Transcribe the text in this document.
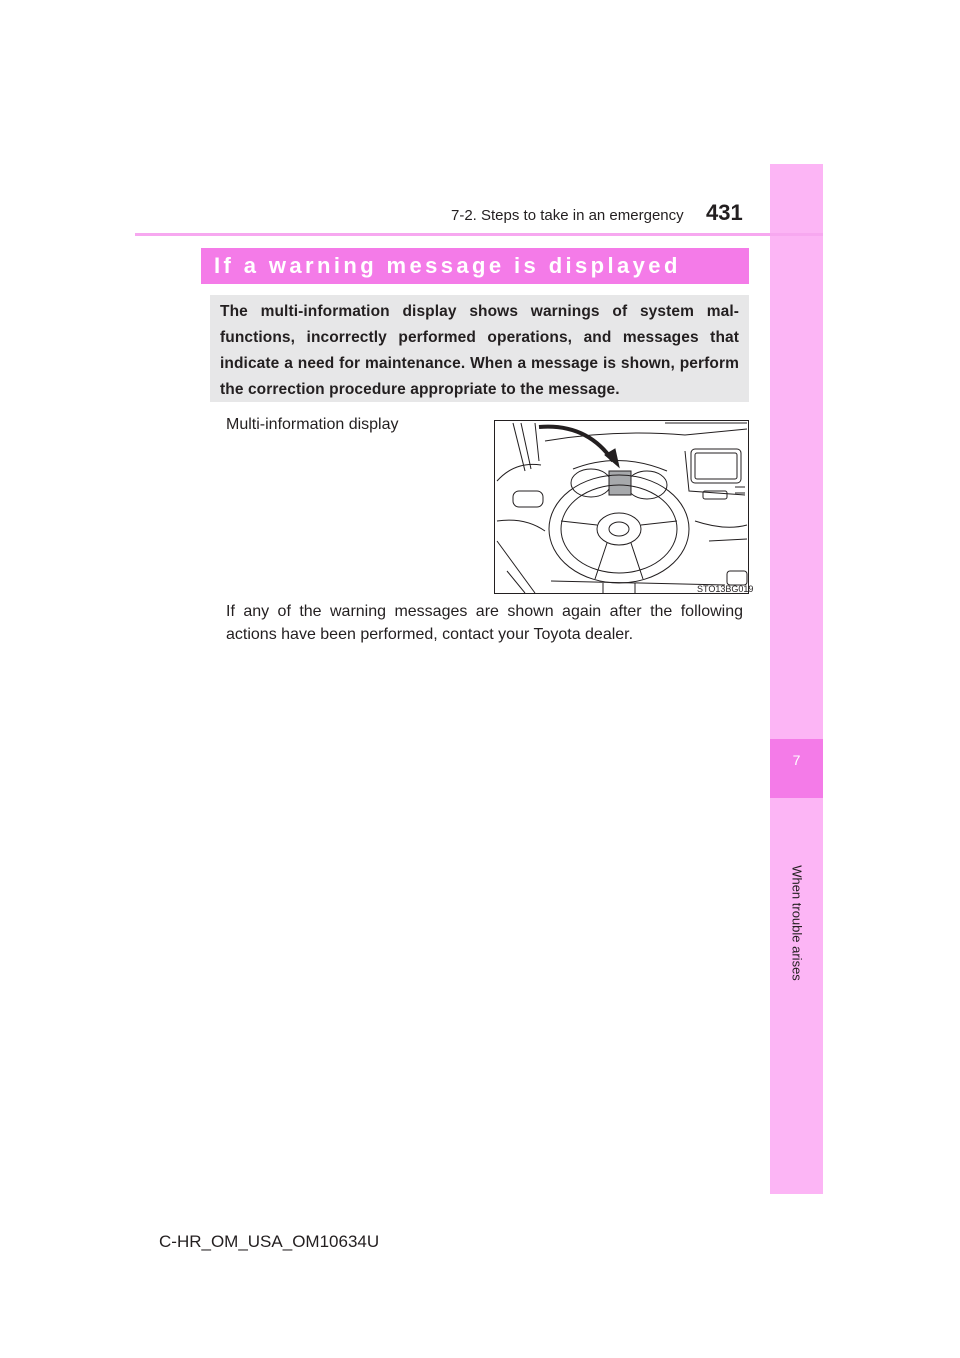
7
When trouble arises
431
7-2. Steps to take in an emergency
If a warning message is displayed
The multi-information display shows warnings of system mal-functions, incorrectly performed operations, and messages that indicate a need for maintenance. When a message is shown, perform the correction procedure appropriate to the message.
Multi-information display
STO13BG019
If any of the warning messages are shown again after the following actions have been performed, contact your Toyota dealer.
C-HR_OM_USA_OM10634U
